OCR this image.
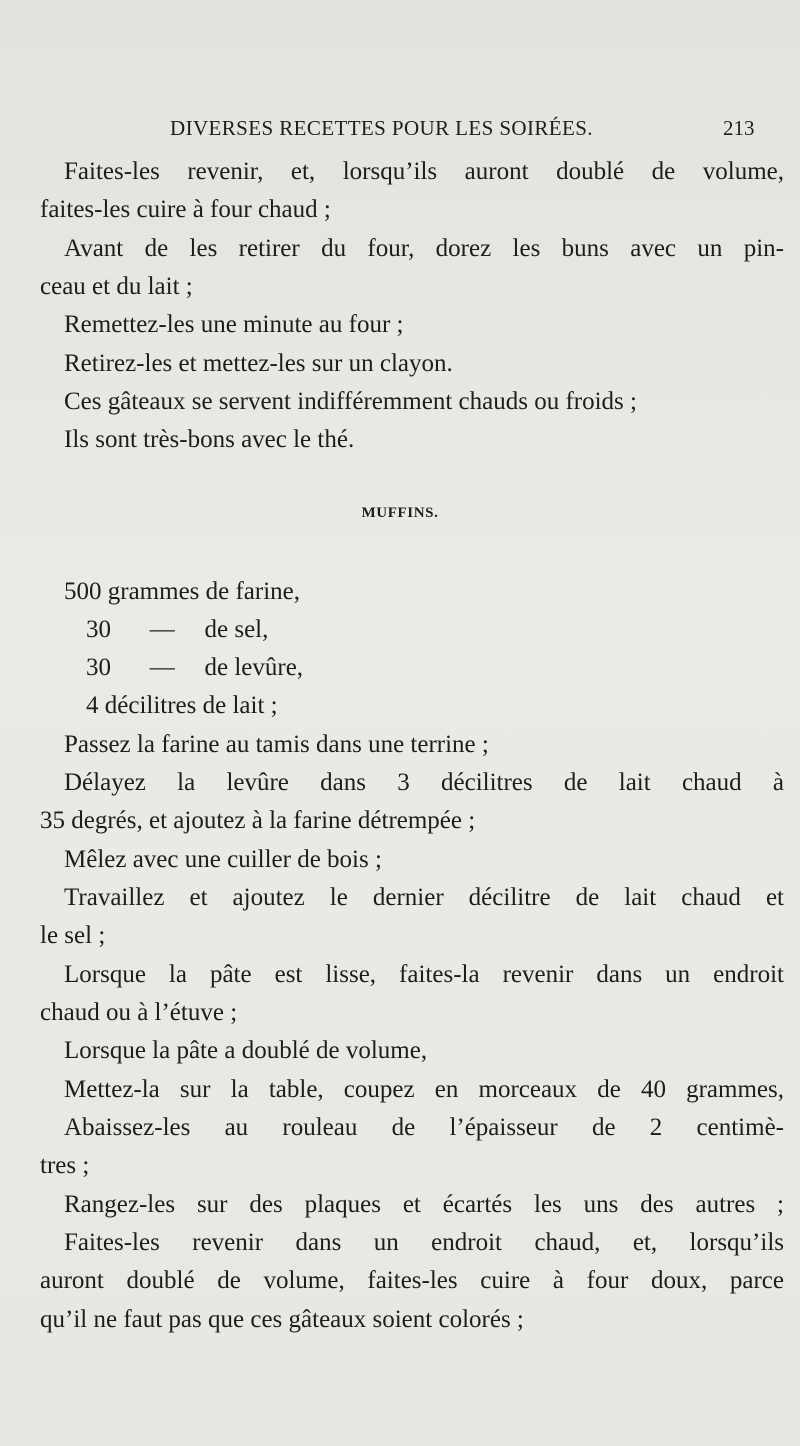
DIVERSES RECETTES POUR LES SOIRÉES.	213
Faites-les revenir, et, lorsqu’ils auront doublé de volume,
faites-les cuire à four chaud ;
Avant de les retirer du four, dorez les buns avec un pin-
ceau et du lait ;
Remettez-les une minute au four ;
Retirez-les et mettez-les sur un clayon.
Ces gâteaux se servent indifféremment chauds ou froids ;
Ils sont très-bons avec le thé.
MUFFINS.
500 grammes de farine,
30 — de sel,
30 — de levûre,
4 décilitres de lait ;
Passez la farine au tamis dans une terrine ;
Délayez la levûre dans 3 décilitres de lait chaud à
35 degrés, et ajoutez à la farine détrempée ;
Mêlez avec une cuiller de bois ;
Travaillez et ajoutez le dernier décilitre de lait chaud et
le sel ;
Lorsque la pâte est lisse, faites-la revenir dans un endroit
chaud ou à l’étuve ;
Lorsque la pâte a doublé de volume,
Mettez-la sur la table, coupez en morceaux de 40 grammes,
Abaissez-les au rouleau de l’épaisseur de 2 centimè-
tres ;
Rangez-les sur des plaques et écartés les uns des autres ;
Faites-les revenir dans un endroit chaud, et, lorsqu’ils
auront doublé de volume, faites-les cuire à four doux, parce
qu’il ne faut pas que ces gâteaux soient colorés ;
